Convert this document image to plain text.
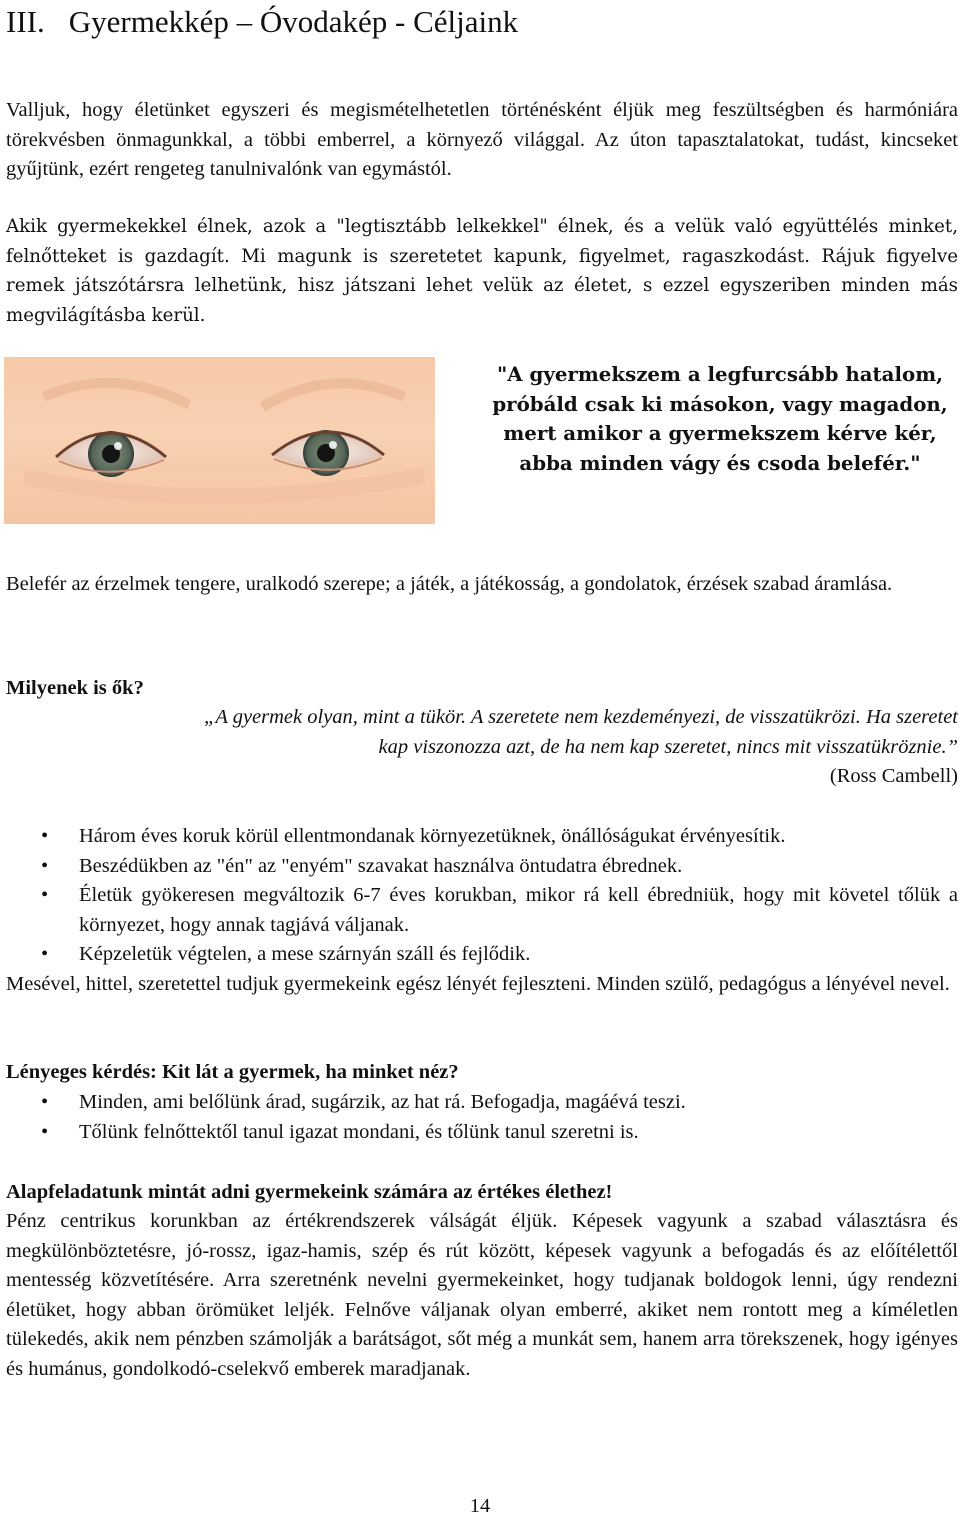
III. Gyermekkép – Óvodakép - Céljaink
Valljuk, hogy életünket egyszeri és megismételhetetlen történésként éljük meg feszültségben és harmóniára törekvésben önmagunkkal, a többi emberrel, a környező világgal. Az úton tapasztalatokat, tudást, kincseket gyűjtünk, ezért rengeteg tanulnivalónk van egymástól.
Akik gyermekekkel élnek, azok a "legtisztább lelkekkel" élnek, és a velük való együttélés minket, felnőtteket is gazdagít. Mi magunk is szeretetet kapunk, figyelmet, ragaszkodást. Rájuk figyelve remek játszótársra lelhetünk, hisz játszani lehet velük az életet, s ezzel egyszeriben minden más megvilágításba kerül.
"A gyermekszem a legfurcsább hatalom,
próbáld csak ki másokon, vagy magadon,
mert amikor a gyermekszem kérve kér,
abba minden vágy és csoda belefér."
Belefér az érzelmek tengere, uralkodó szerepe; a játék, a játékosság, a gondolatok, érzések szabad áramlása.
Milyenek is ők?
„A gyermek olyan, mint a tükör. A szeretete nem kezdeményezi, de visszatükrözi. Ha szeretet
kap viszonozza azt, de ha nem kap szeretet, nincs mit visszatükröznie.”
(Ross Cambell)
• Három éves koruk körül ellentmondanak környezetüknek, önállóságukat érvényesítik.
• Beszédükben az "én" az "enyém" szavakat használva öntudatra ébrednek.
• Életük gyökeresen megváltozik 6-7 éves korukban, mikor rá kell ébredniük, hogy mit követel tőlük a környezet, hogy annak tagjává váljanak.
• Képzeletük végtelen, a mese szárnyán száll és fejlődik.
Mesével, hittel, szeretettel tudjuk gyermekeink egész lényét fejleszteni. Minden szülő, pedagógus a lényével nevel.
Lényeges kérdés: Kit lát a gyermek, ha minket néz?
• Minden, ami belőlünk árad, sugárzik, az hat rá. Befogadja, magáévá teszi.
• Tőlünk felnőttektől tanul igazat mondani, és tőlünk tanul szeretni is.
Alapfeladatunk mintát adni gyermekeink számára az értékes élethez!
Pénz centrikus korunkban az értékrendszerek válságát éljük. Képesek vagyunk a szabad választásra és megkülönböztetésre, jó-rossz, igaz-hamis, szép és rút között, képesek vagyunk a befogadás és az előítélettől mentesség közvetítésére. Arra szeretnénk nevelni gyermekeinket, hogy tudjanak boldogok lenni, úgy rendezni életüket, hogy abban örömüket leljék. Felnőve váljanak olyan emberré, akiket nem rontott meg a kíméletlen tülekedés, akik nem pénzben számolják a barátságot, sőt még a munkát sem, hanem arra törekszenek, hogy igényes és humánus, gondolkodó-cselekvő emberek maradjanak.
14
